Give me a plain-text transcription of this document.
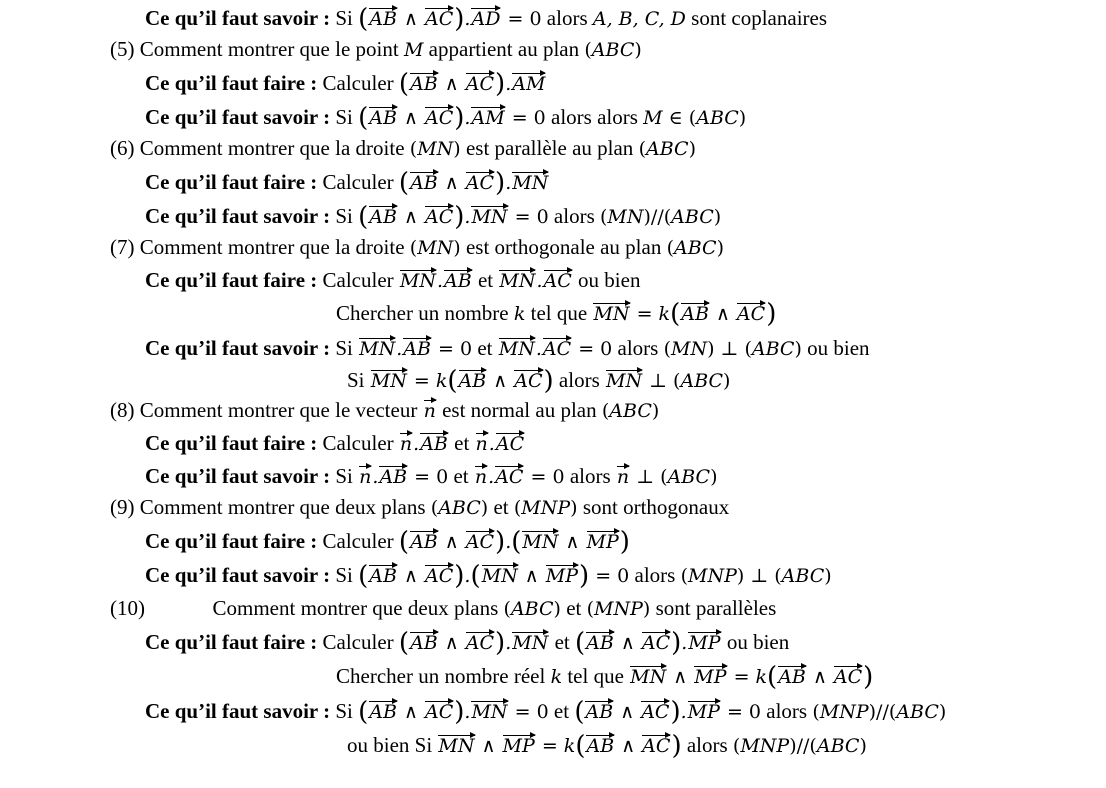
Ce qu’il faut savoir : Si (AB ∧ AC).AD = 0 alors A, B, C, D sont coplanaires
(5) Comment montrer que le point M appartient au plan (ABC)
Ce qu’il faut faire : Calculer (AB ∧ AC).AM
Ce qu’il faut savoir : Si (AB ∧ AC).AM = 0 alors alors M ∈ (ABC)
(6) Comment montrer que la droite (MN) est parallèle au plan (ABC)
Ce qu’il faut faire : Calculer (AB ∧ AC).MN
Ce qu’il faut savoir : Si (AB ∧ AC).MN = 0 alors (MN)//(ABC)
(7) Comment montrer que la droite (MN) est orthogonale au plan (ABC)
Ce qu’il faut faire : Calculer MN.AB et MN.AC ou bien
Chercher un nombre k tel que MN = k(AB ∧ AC)
Ce qu’il faut savoir : Si MN.AB = 0 et MN.AC = 0 alors (MN) ⊥ (ABC) ou bien
Si MN = k(AB ∧ AC) alors MN ⊥ (ABC)
(8) Comment montrer que le vecteur n est normal au plan (ABC)
Ce qu’il faut faire : Calculer n.AB et n.AC
Ce qu’il faut savoir : Si n.AB = 0 et n.AC = 0 alors n ⊥ (ABC)
(9) Comment montrer que deux plans (ABC) et (MNP) sont orthogonaux
Ce qu’il faut faire : Calculer (AB ∧ AC).(MN ∧ MP)
Ce qu’il faut savoir : Si (AB ∧ AC).(MN ∧ MP) = 0 alors (MNP) ⊥ (ABC)
(10)	Comment montrer que deux plans (ABC) et (MNP) sont parallèles
Ce qu’il faut faire : Calculer (AB ∧ AC).MN et (AB ∧ AC).MP ou bien
Chercher un nombre réel k tel que MN ∧ MP = k(AB ∧ AC)
Ce qu’il faut savoir : Si (AB ∧ AC).MN = 0 et (AB ∧ AC).MP = 0 alors (MNP)//(ABC)
ou bien Si MN ∧ MP = k(AB ∧ AC) alors (MNP)//(ABC)
